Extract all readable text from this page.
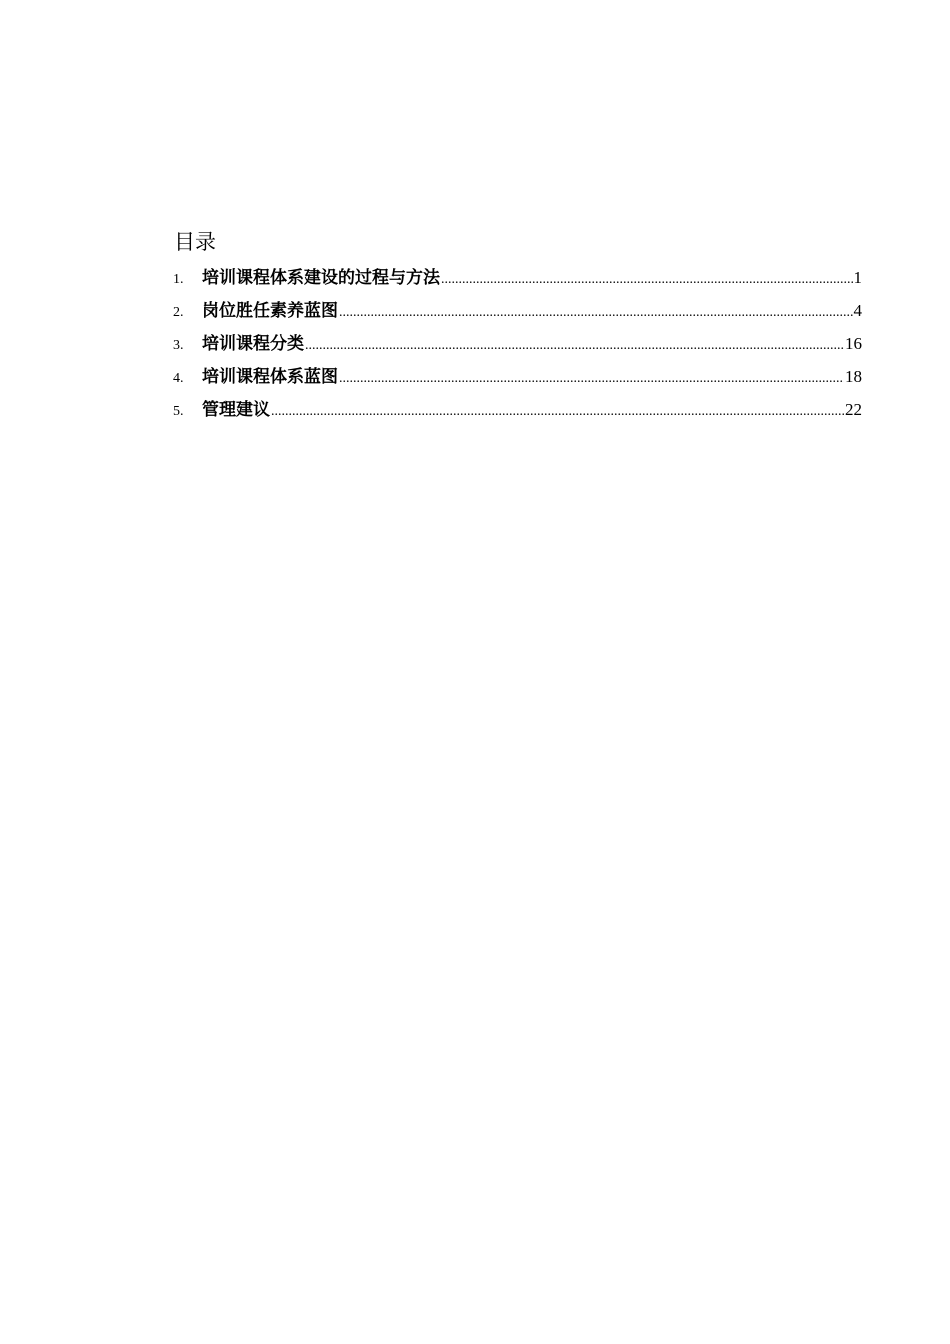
目录
1.	培训课程体系建设的过程与方法 .....	1
2.	岗位胜任素养蓝图 .....	4
3.	培训课程分类 .....	16
4.	培训课程体系蓝图 .....	18
5.	管理建议 .....	22
